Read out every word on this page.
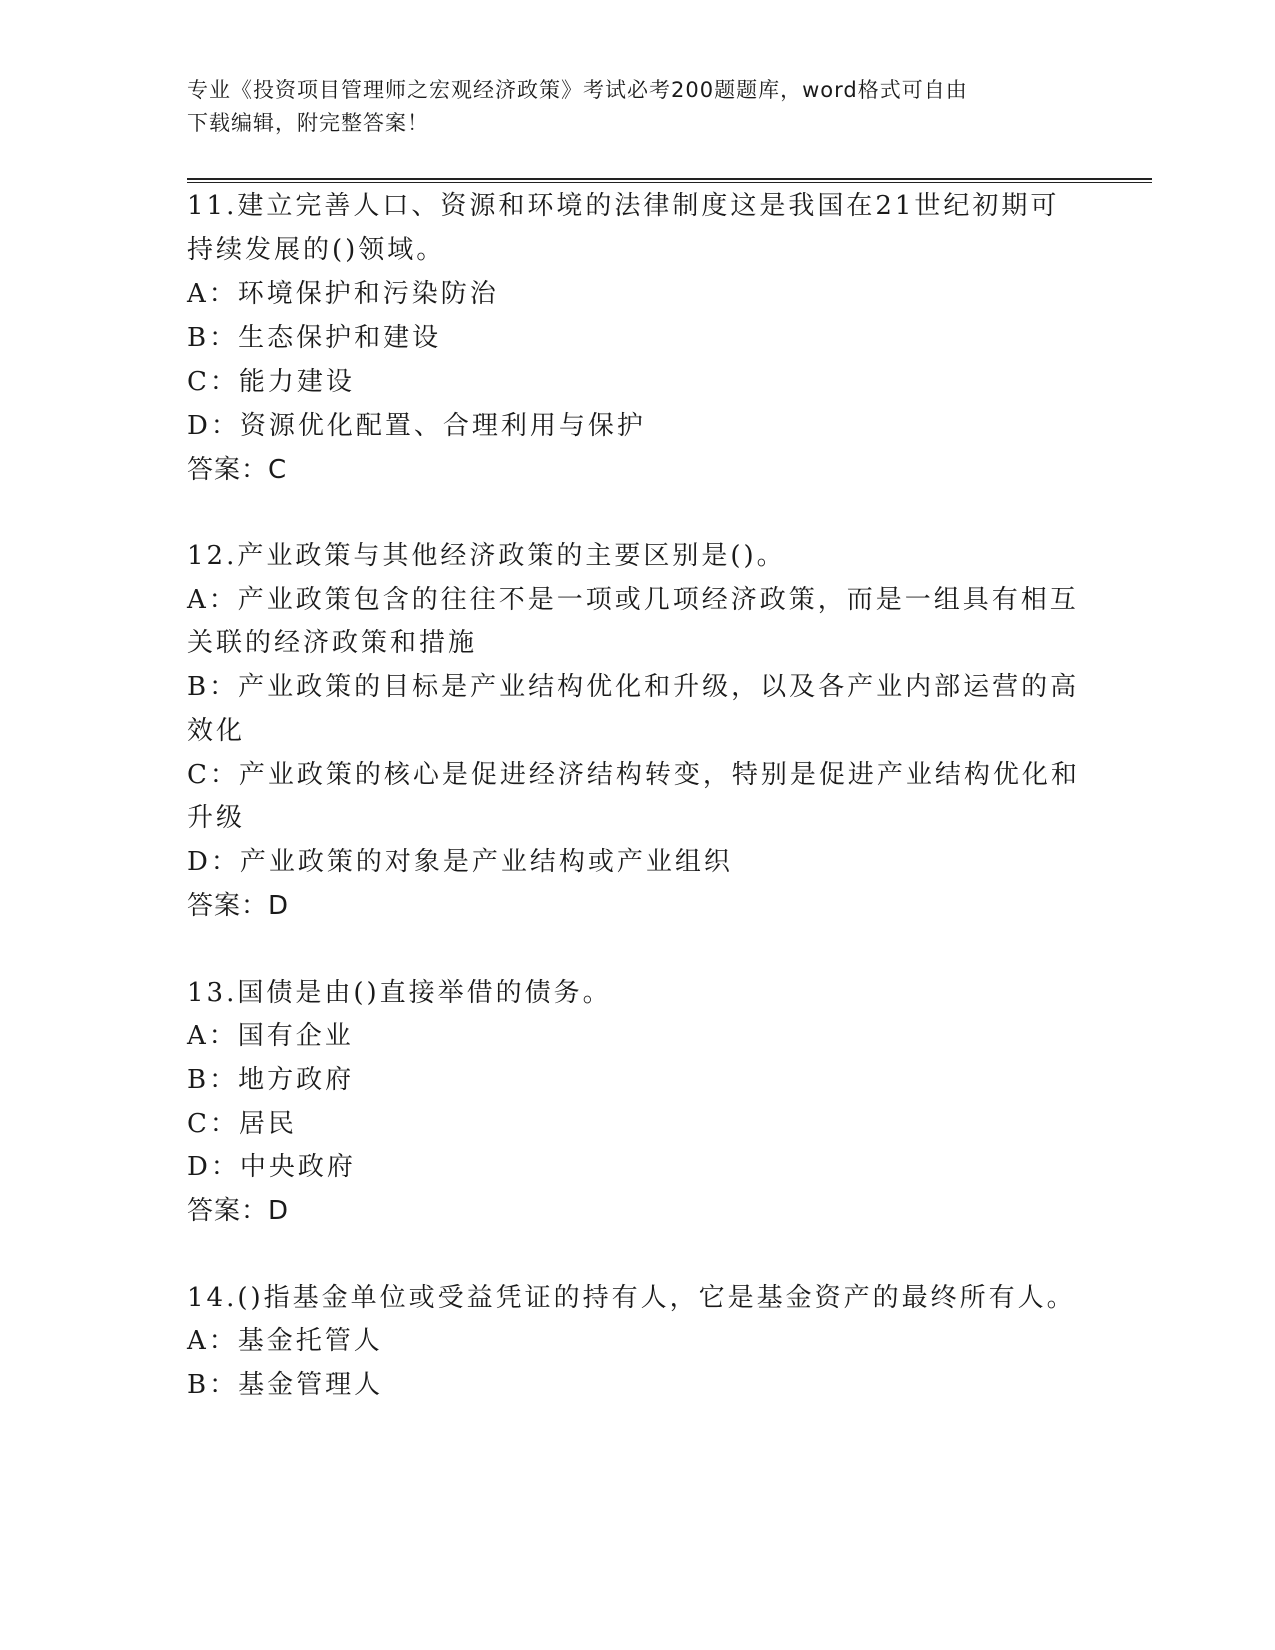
专业《投资项目管理师之宏观经济政策》考试必考200题题库，word格式可自由
下载编辑，附完整答案！
11.建立完善人口、资源和环境的法律制度这是我国在21世纪初期可
持续发展的()领域。
A：环境保护和污染防治
B：生态保护和建设
C：能力建设
D：资源优化配置、合理利用与保护
答案：C
12.产业政策与其他经济政策的主要区别是()。
A：产业政策包含的往往不是一项或几项经济政策，而是一组具有相互
关联的经济政策和措施
B：产业政策的目标是产业结构优化和升级，以及各产业内部运营的高
效化
C：产业政策的核心是促进经济结构转变，特别是促进产业结构优化和
升级
D：产业政策的对象是产业结构或产业组织
答案：D
13.国债是由()直接举借的债务。
A：国有企业
B：地方政府
C：居民
D：中央政府
答案：D
14.()指基金单位或受益凭证的持有人，它是基金资产的最终所有人。
A：基金托管人
B：基金管理人
